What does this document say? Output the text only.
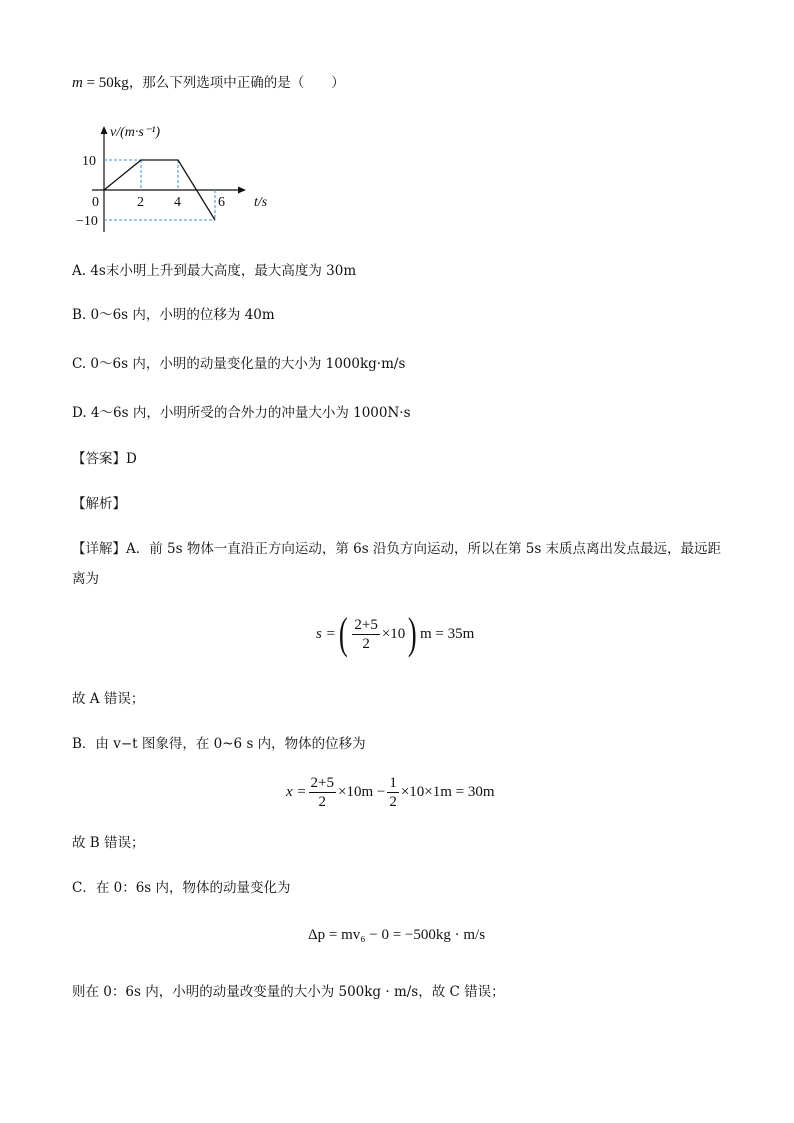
m = 50kg，那么下列选项中正确的是（　　）
v/(m·s⁻¹)
t/s
10
−10
0	2 4	6
A. 4s末小明上升到最大高度，最大高度为 30m
B. 0～6s 内，小明的位移为 40m
C. 0～6s 内，小明的动量变化量的大小为 1000kg·m/s
D. 4～6s 内，小明所受的合外力的冲量大小为 1000N·s
【答案】D
【解析】
【详解】A．前 5s 物体一直沿正方向运动，第 6s 沿负方向运动，所以在第 5s 末质点离出发点最远，最远距
离为
s = ( $\frac{2+5}{2} \times 10$ ) m = 35m
故 A 错误；
B．由 v−t 图象得，在 0~6 s 内，物体的位移为
$x = \frac{2+5}{2} \times 10m - \frac{1}{2} \times 10\times 1m = 30m$
故 B 错误；
C．在 0：6s 内，物体的动量变化为
Δp = mv₆ − 0 = −500kg · m/s
则在 0：6s 内，小明的动量改变量的大小为 500kg · m/s，故 C 错误；
